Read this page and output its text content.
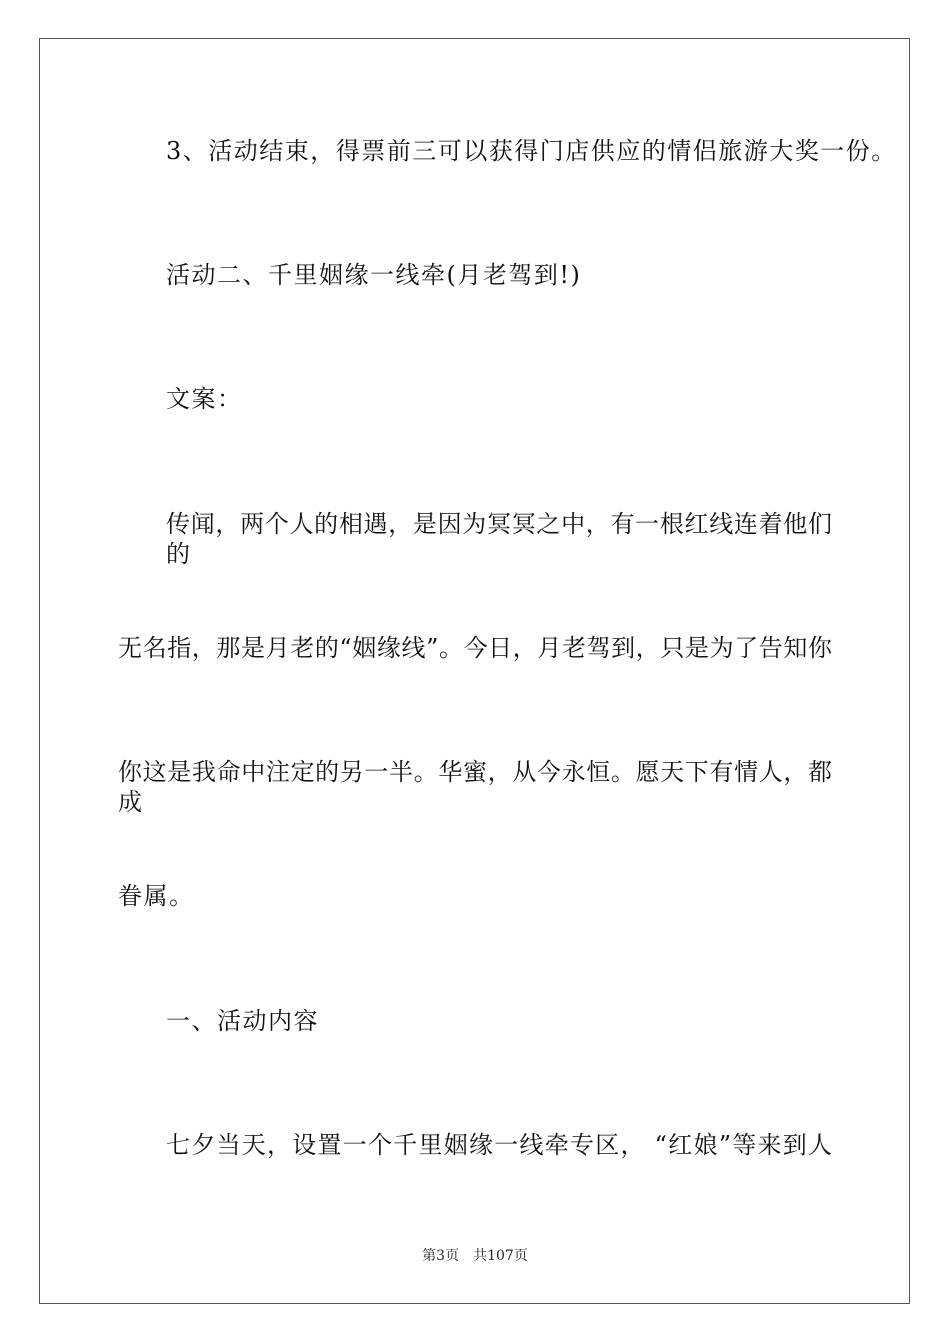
3、活动结束，得票前三可以获得门店供应的情侣旅游大奖一份。
活动二、千里姻缘一线牵(月老驾到!)
文案：
传闻，两个人的相遇，是因为冥冥之中，有一根红线连着他们的
无名指，那是月老的“姻缘线”。今日，月老驾到，只是为了告知你
你这是我命中注定的另一半。华蜜，从今永恒。愿天下有情人，都成
眷属。
一、活动内容
七夕当天，设置一个千里姻缘一线牵专区， “红娘”等来到人
第3页 共107页
